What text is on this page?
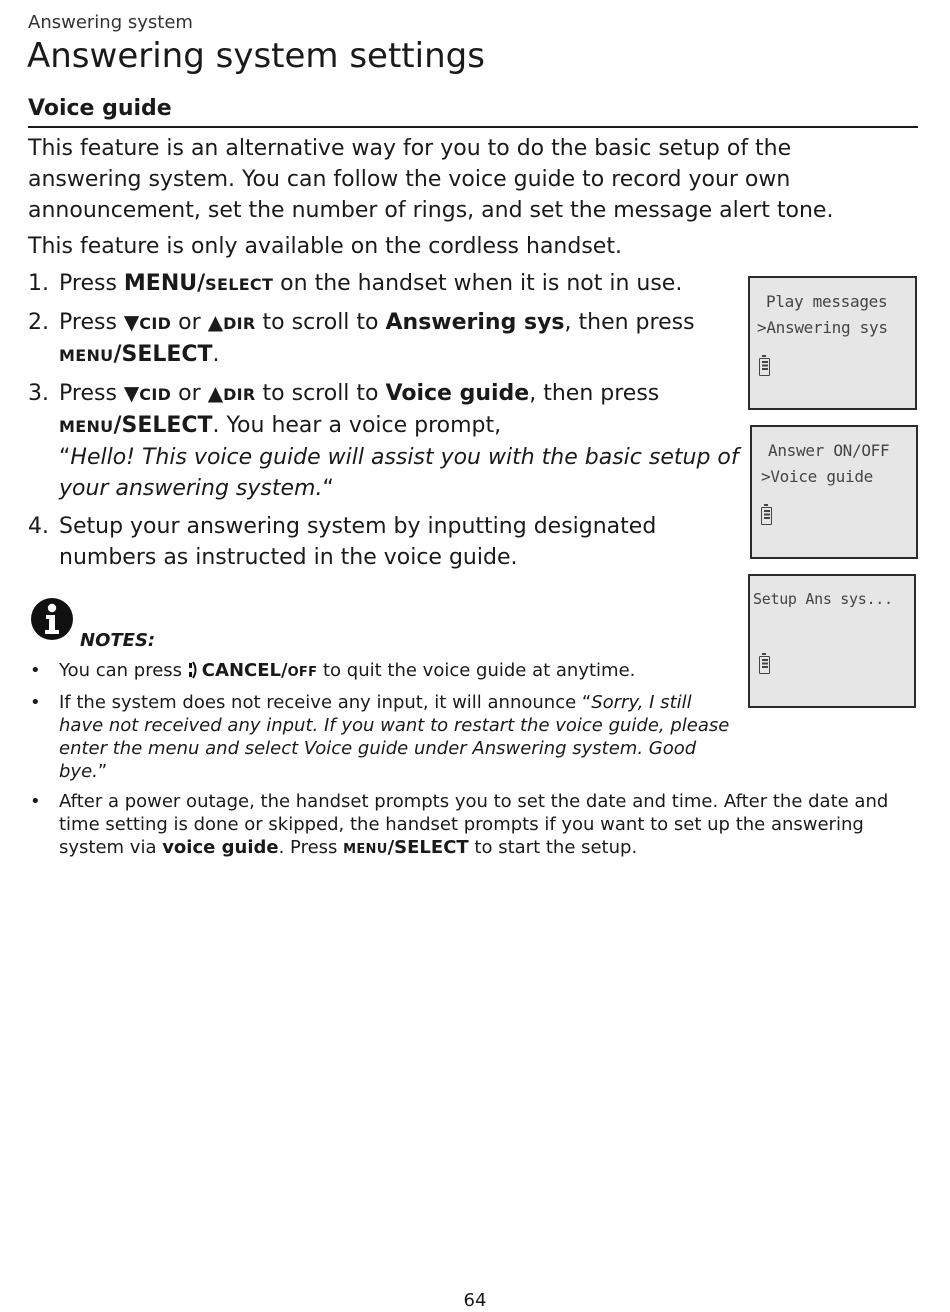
Answering system
Answering system settings
Voice guide
This feature is an alternative way for you to do the basic setup of the answering system. You can follow the voice guide to record your own announcement, set the number of rings, and set the message alert tone.
This feature is only available on the cordless handset.
1. Press MENU/SELECT on the handset when it is not in use.
2. Press ▼CID or ▲DIR to scroll to Answering sys, then press MENU/SELECT.
3. Press ▼CID or ▲DIR to scroll to Voice guide, then press MENU/SELECT. You hear a voice prompt,
“Hello! This voice guide will assist you with the basic setup of your answering system.“
4. Setup your answering system by inputting designated numbers as instructed in the voice guide.
Play messages
>Answering sys
Answer ON/OFF
>Voice guide
Setup Ans sys...
NOTES:
• You can press CANCEL/OFF to quit the voice guide at anytime.
• If the system does not receive any input, it will announce “Sorry, I still have not received any input. If you want to restart the voice guide, please enter the menu and select Voice guide under Answering system. Good bye.”
• After a power outage, the handset prompts you to set the date and time. After the date and time setting is done or skipped, the handset prompts if you want to set up the answering system via voice guide. Press MENU/SELECT to start the setup.
64
